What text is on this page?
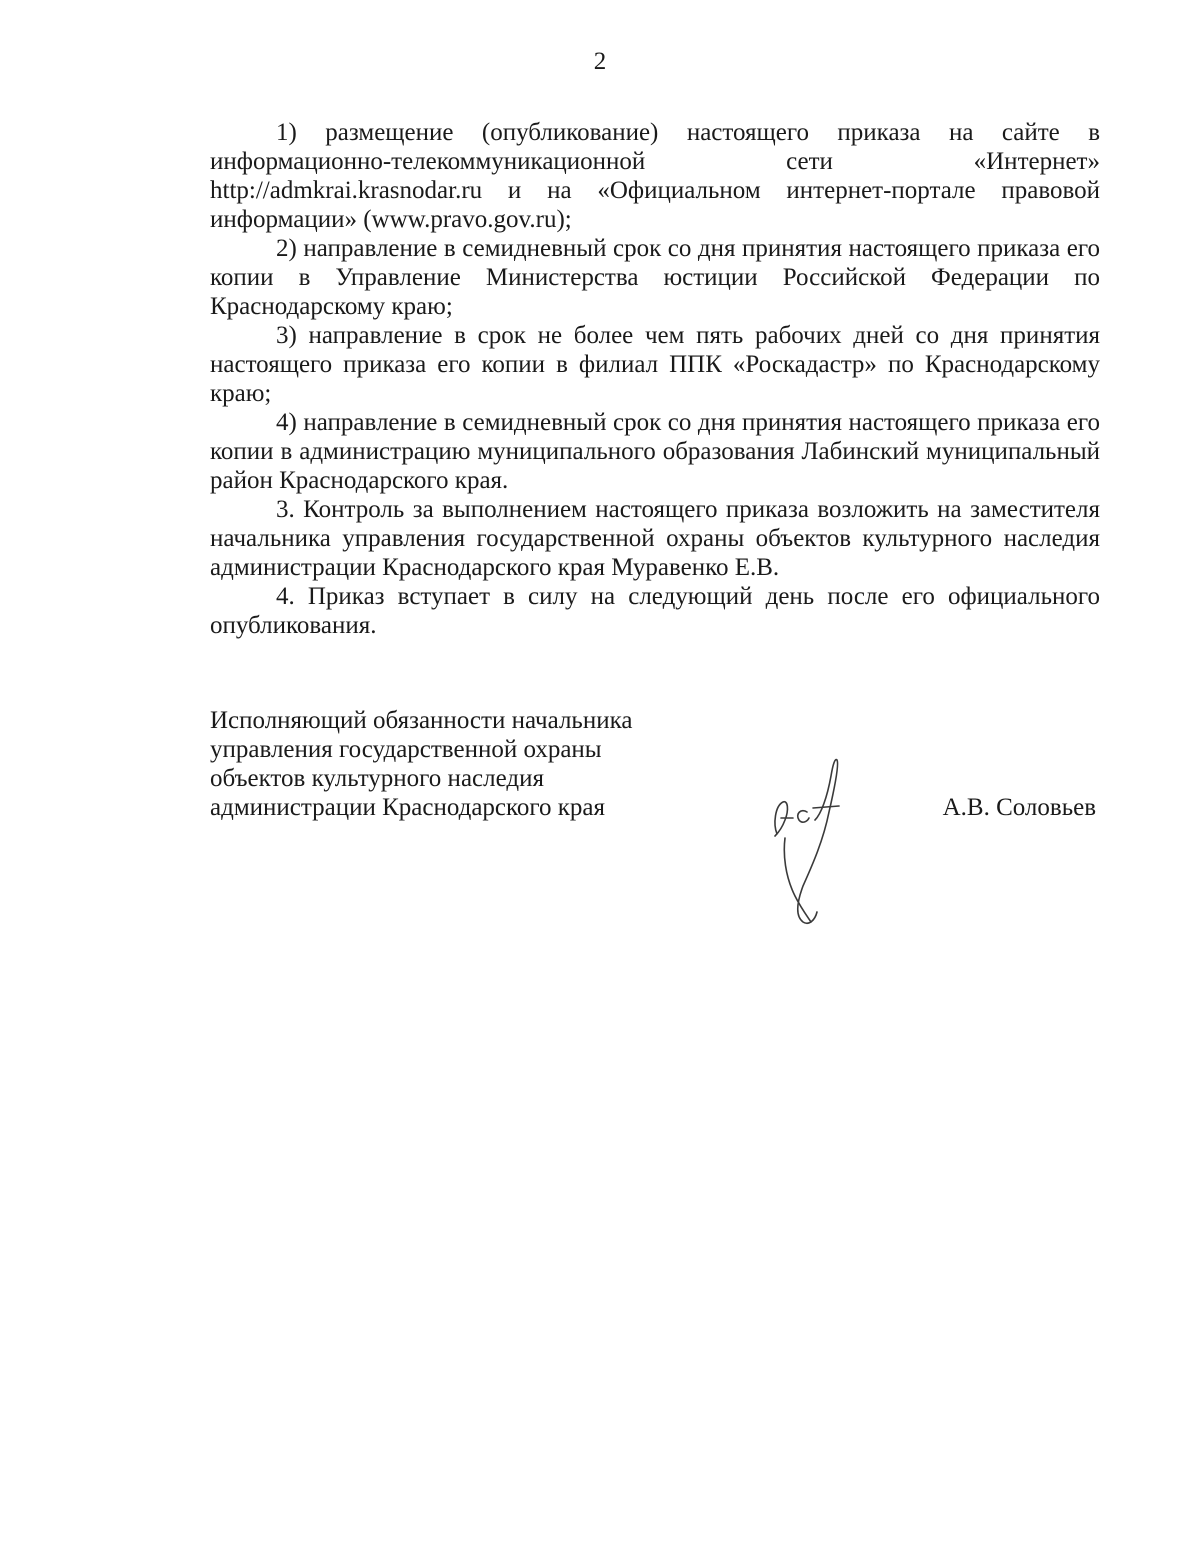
2

1) размещение (опубликование) настоящего приказа на сайте в информационно-телекоммуникационной сети «Интернет» http://admkrai.krasnodar.ru и на «Официальном интернет-портале правовой информации» (www.pravo.gov.ru);

2) направление в семидневный срок со дня принятия настоящего приказа его копии в Управление Министерства юстиции Российской Федерации по Краснодарскому краю;

3) направление в срок не более чем пять рабочих дней со дня принятия настоящего приказа его копии в филиал ППК «Роскадастр» по Краснодарскому краю;

4) направление в семидневный срок со дня принятия настоящего приказа его копии в администрацию муниципального образования Лабинский муниципальный район Краснодарского края.

3. Контроль за выполнением настоящего приказа возложить на заместителя начальника управления государственной охраны объектов культурного наследия администрации Краснодарского края Муравенко Е.В.

4. Приказ вступает в силу на следующий день после его официального опубликования.

Исполняющий обязанности начальника
управления государственной охраны
объектов культурного наследия
администрации Краснодарского края	А.В. Соловьев
